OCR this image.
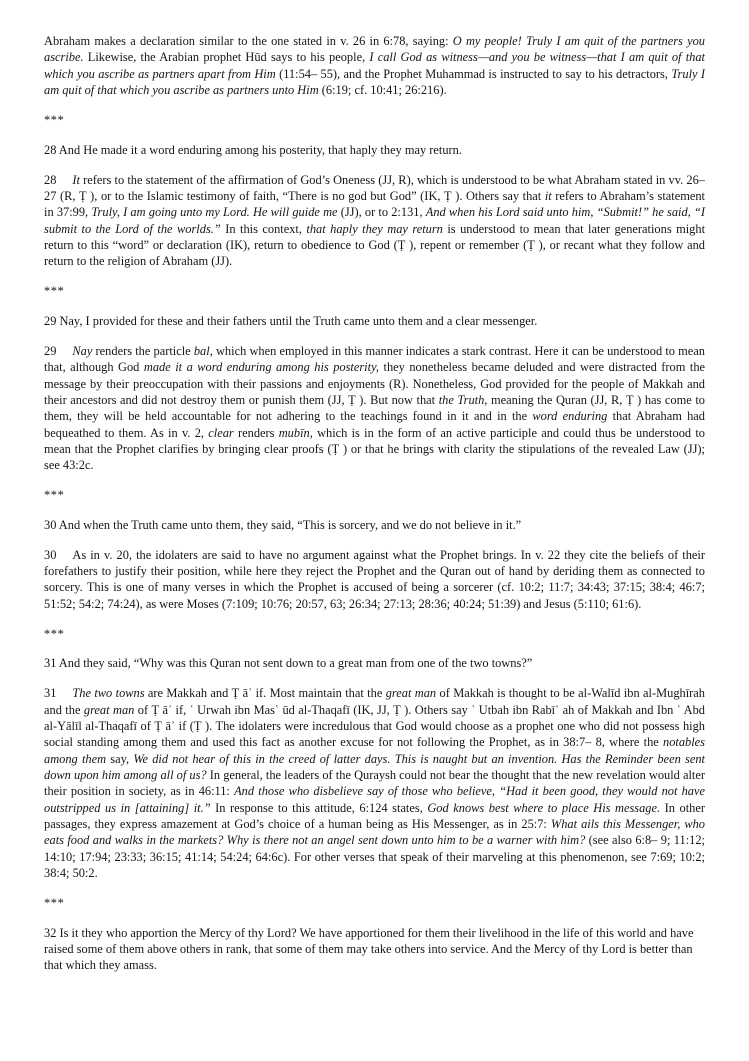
Abraham makes a declaration similar to the one stated in v. 26 in 6:78, saying: O my people! Truly I am quit of the partners you ascribe. Likewise, the Arabian prophet Hūd says to his people, I call God as witness—and you be witness—that I am quit of that which you ascribe as partners apart from Him (11:54– 55), and the Prophet Muhammad is instructed to say to his detractors, Truly I am quit of that which you ascribe as partners unto Him (6:19; cf. 10:41; 26:216).

***

28 And He made it a word enduring among his posterity, that haply they may return.

28 It refers to the statement of the affirmation of God’s Oneness (JJ, R), which is understood to be what Abraham stated in vv. 26– 27 (R, Ṭ ), or to the Islamic testimony of faith, “There is no god but God” (IK, Ṭ ). Others say that it refers to Abraham’s statement in 37:99, Truly, I am going unto my Lord. He will guide me (JJ), or to 2:131, And when his Lord said unto him, “Submit!” he said, “I submit to the Lord of the worlds.” In this context, that haply they may return is understood to mean that later generations might return to this “word” or declaration (IK), return to obedience to God (Ṭ ), repent or remember (Ṭ ), or recant what they follow and return to the religion of Abraham (JJ).

***

29 Nay, I provided for these and their fathers until the Truth came unto them and a clear messenger.

29 Nay renders the particle bal, which when employed in this manner indicates a stark contrast. Here it can be understood to mean that, although God made it a word enduring among his posterity, they nonetheless became deluded and were distracted from the message by their preoccupation with their passions and enjoyments (R). Nonetheless, God provided for the people of Makkah and their ancestors and did not destroy them or punish them (JJ, Ṭ ). But now that the Truth, meaning the Quran (JJ, R, Ṭ ) has come to them, they will be held accountable for not adhering to the teachings found in it and in the word enduring that Abraham had bequeathed to them. As in v. 2, clear renders mubīn, which is in the form of an active participle and could thus be understood to mean that the Prophet clarifies by bringing clear proofs (Ṭ ) or that he brings with clarity the stipulations of the revealed Law (JJ); see 43:2c.

***

30 And when the Truth came unto them, they said, “This is sorcery, and we do not believe in it.”

30 As in v. 20, the idolaters are said to have no argument against what the Prophet brings. In v. 22 they cite the beliefs of their forefathers to justify their position, while here they reject the Prophet and the Quran out of hand by deriding them as connected to sorcery. This is one of many verses in which the Prophet is accused of being a sorcerer (cf. 10:2; 11:7; 34:43; 37:15; 38:4; 46:7; 51:52; 54:2; 74:24), as were Moses (7:109; 10:76; 20:57, 63; 26:34; 27:13; 28:36; 40:24; 51:39) and Jesus (5:110; 61:6).

***

31 And they said, “Why was this Quran not sent down to a great man from one of the two towns?”

31 The two towns are Makkah and Ṭ āʾ if. Most maintain that the great man of Makkah is thought to be al-Walīd ibn al-Mughīrah and the great man of Ṭ āʾ if, ʿ Urwah ibn Masʿ ūd al-Thaqafī (IK, JJ, Ṭ ). Others say ʿ Utbah ibn Rabīʿ ah of Makkah and Ibn ʿ Abd al-Yālīl al-Thaqafī of Ṭ āʾ if (Ṭ ). The idolaters were incredulous that God would choose as a prophet one who did not possess high social standing among them and used this fact as another excuse for not following the Prophet, as in 38:7– 8, where the notables among them say, We did not hear of this in the creed of latter days. This is naught but an invention. Has the Reminder been sent down upon him among all of us? In general, the leaders of the Quraysh could not bear the thought that the new revelation would alter their position in society, as in 46:11: And those who disbelieve say of those who believe, “Had it been good, they would not have outstripped us in [attaining] it.” In response to this attitude, 6:124 states, God knows best where to place His message. In other passages, they express amazement at God’s choice of a human being as His Messenger, as in 25:7: What ails this Messenger, who eats food and walks in the markets? Why is there not an angel sent down unto him to be a warner with him? (see also 6:8– 9; 11:12; 14:10; 17:94; 23:33; 36:15; 41:14; 54:24; 64:6c). For other verses that speak of their marveling at this phenomenon, see 7:69; 10:2; 38:4; 50:2.

***

32 Is it they who apportion the Mercy of thy Lord? We have apportioned for them their livelihood in the life of this world and have raised some of them above others in rank, that some of them may take others into service. And the Mercy of thy Lord is better than that which they amass.
